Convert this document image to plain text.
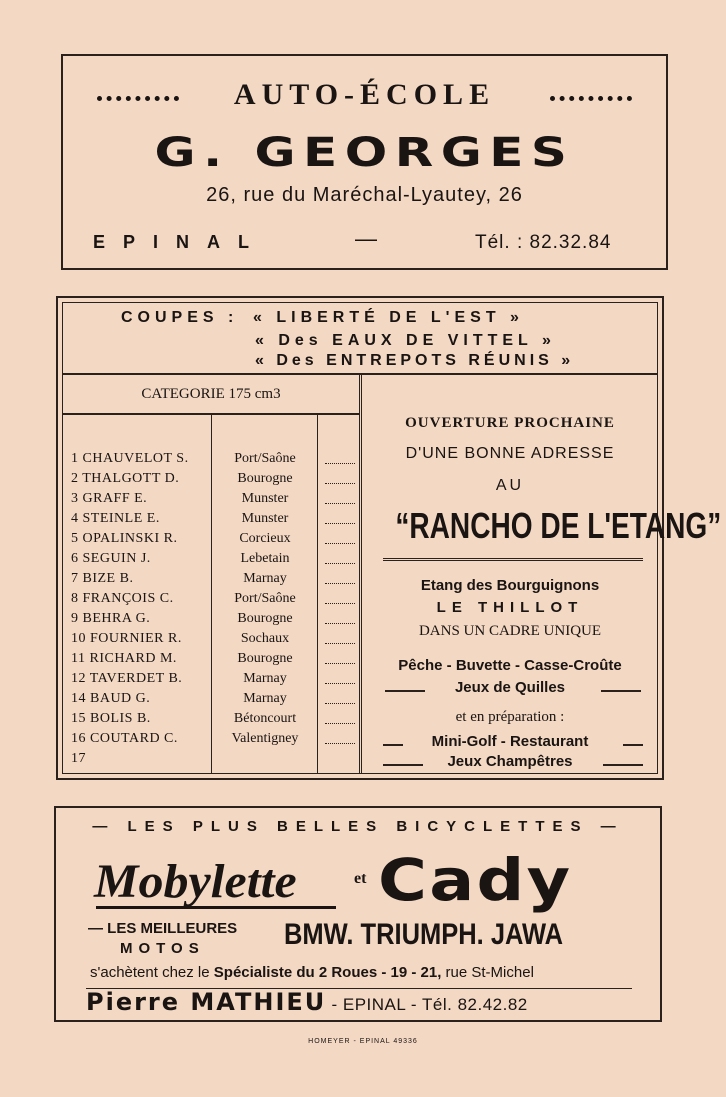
AUTO-ÉCOLE
G. GEORGES
26, rue du Maréchal-Lyautey, 26
EPINAL	—	Tél. : 82.32.84
COUPES : « LIBERTÉ DE L'EST »
« Des EAUX DE VITTEL »
« Des ENTREPOTS RÉUNIS »
CATEGORIE 175 cm3
1 CHAUVELOT S.	Port/Saône
2 THALGOTT D.	Bourogne
3 GRAFF E.	Munster
4 STEINLE E.	Munster
5 OPALINSKI R.	Corcieux
6 SEGUIN J.	Lebetain
7 BIZE B.	Marnay
8 FRANÇOIS C.	Port/Saône
9 BEHRA G.	Bourogne
10 FOURNIER R.	Sochaux
11 RICHARD M.	Bourogne
12 TAVERDET B.	Marnay
14 BAUD G.	Marnay
15 BOLIS B.	Bétoncourt
16 COUTARD C.	Valentigney
17
OUVERTURE PROCHAINE
D'UNE BONNE ADRESSE
AU
“RANCHO DE L'ETANG”
Etang des Bourguignons
LE THILLOT
DANS UN CADRE UNIQUE
Pêche - Buvette - Casse-Croûte
Jeux de Quilles
et en préparation :
Mini-Golf - Restaurant
Jeux Champêtres
— LES PLUS BELLES BICYCLETTES —
Mobylette	et Cady
— LES MEILLEURES
MOTOS	BMW. TRIUMPH. JAWA
s'achètent chez le Spécialiste du 2 Roues - 19 - 21, rue St-Michel
Pierre MATHIEU - EPINAL - Tél. 82.42.82
HOMEYER - EPINAL 49336
